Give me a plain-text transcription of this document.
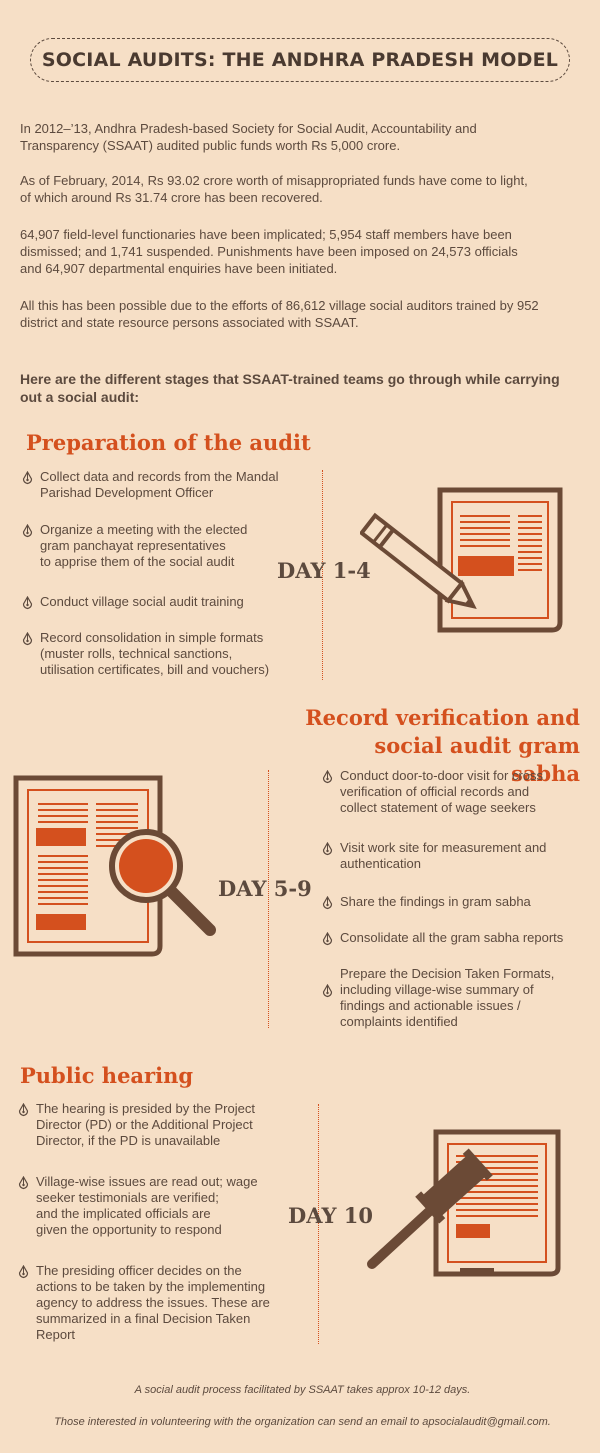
SOCIAL AUDITS: THE ANDHRA PRADESH MODEL

In 2012–’13, Andhra Pradesh-based Society for Social Audit, Accountability and Transparency (SSAAT) audited public funds worth Rs 5,000 crore.

As of February, 2014, Rs 93.02 crore worth of misappropriated funds have come to light, of which around Rs 31.74 crore has been recovered.

64,907 field-level functionaries have been implicated; 5,954 staff members have been dismissed; and 1,741 suspended. Punishments have been imposed on 24,573 officials and 64,907 departmental enquiries have been initiated.

All this has been possible due to the efforts of 86,612 village social auditors trained by 952 district and state resource persons associated with SSAAT.

Here are the different stages that SSAAT-trained teams go through while carrying out a social audit:

Preparation of the audit
Collect data and records from the Mandal
Parishad Development Officer
Organize a meeting with the elected
gram panchayat representatives
to apprise them of the social audit
Conduct village social audit training
Record consolidation in simple formats
(muster rolls, technical sanctions,
utilisation certificates, bill and vouchers)
DAY 1-4
Record verification and
social audit gram sabha
Conduct door-to-door visit for cross
verification of official records and
collect statement of wage seekers
Visit work site for measurement and
authentication
Share the findings in gram sabha
Consolidate all the gram sabha reports
Prepare the Decision Taken Formats,
including village-wise summary of
findings and actionable issues /
complaints identified
DAY 5-9
Public hearing
The hearing is presided by the Project
Director (PD) or the Additional Project
Director, if the PD is unavailable
Village-wise issues are read out; wage
seeker testimonials are verified;
and the implicated officials are
given the opportunity to respond
The presiding officer decides on the
actions to be taken by the implementing
agency to address the issues. These are
summarized in a final Decision Taken
Report
DAY 10
A social audit process facilitated by SSAAT takes approx 10-12 days.
Those interested in volunteering with the organization can send an email to apsocialaudit@gmail.com.
